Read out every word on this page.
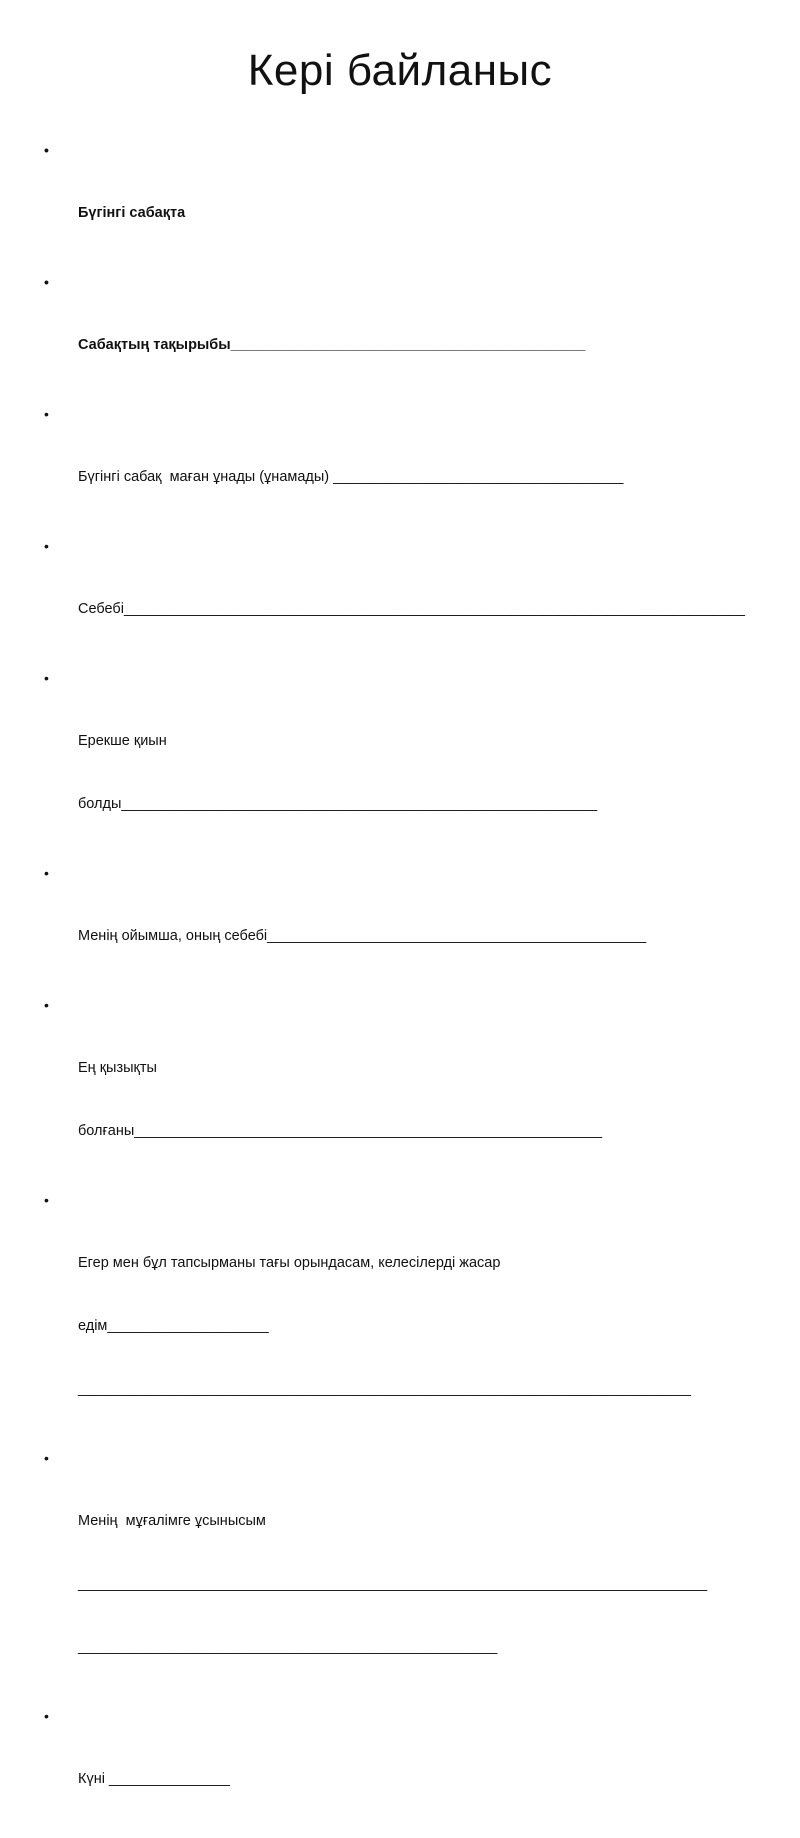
Кері байланыс

•

Бүгінгі сабақта

•

Сабақтың тақырыбы____________________________________________

•

Бүгінгі сабақ  маған ұнады (ұнамады) ____________________________________

•

Себебі_____________________________________________________________________________

•

Ерекше қиын

болды___________________________________________________________

•

Менің ойымша, оның себебі_______________________________________________

•

Ең қызықты

болғаны__________________________________________________________

•

Егер мен бұл тапсырманы тағы орындасам, келесілерді жасар

едім____________________

____________________________________________________________________________

•

Менің  мұғалімге ұсынысым

______________________________________________________________________________

____________________________________________________

•

Күні _______________
